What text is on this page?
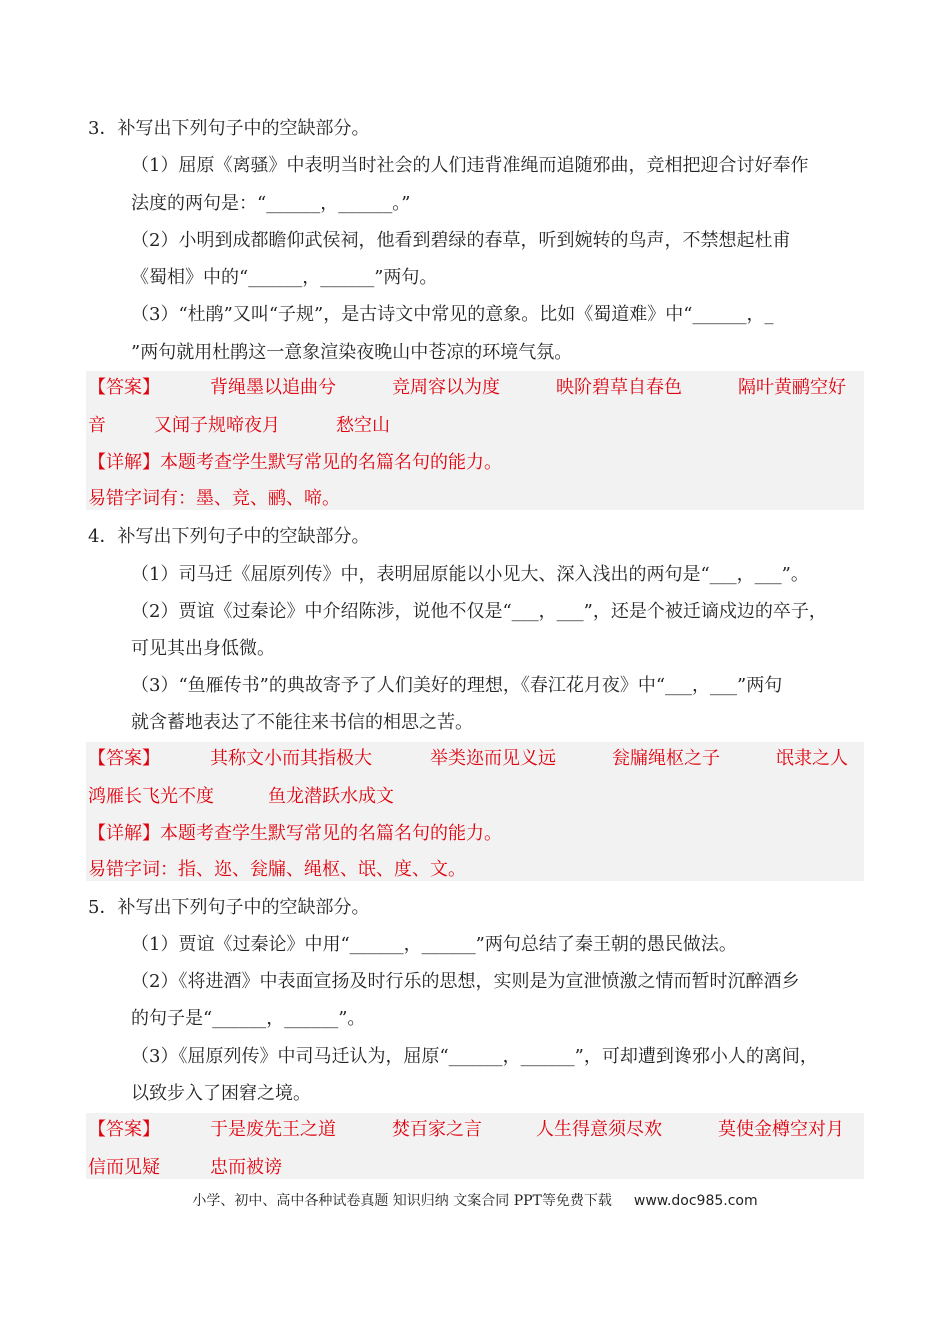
3．补写出下列句子中的空缺部分。
（1）屈原《离骚》中表明当时社会的人们违背准绳而追随邪曲，竞相把迎合讨好奉作
法度的两句是：“______，______。”
（2）小明到成都瞻仰武侯祠，他看到碧绿的春草，听到婉转的鸟声，不禁想起杜甫
《蜀相》中的“______，______”两句。
（3）“杜鹃”又叫“子规”，是古诗文中常见的意象。比如《蜀道难》中“______，_
”两句就用杜鹃这一意象渲染夜晚山中苍凉的环境气氛。
【答案】	背绳墨以追曲兮	竞周容以为度	映阶碧草自春色	隔叶黄鹂空好
音	又闻子规啼夜月	愁空山
【详解】本题考查学生默写常见的名篇名句的能力。
易错字词有：墨、竞、鹂、啼。
4．补写出下列句子中的空缺部分。
（1）司马迁《屈原列传》中，表明屈原能以小见大、深入浅出的两句是“___，___”。
（2）贾谊《过秦论》中介绍陈涉，说他不仅是“___，___”，还是个被迁谪戍边的卒子，
可见其出身低微。
（3）“鱼雁传书”的典故寄予了人们美好的理想，《春江花月夜》中“___，___”两句
就含蓄地表达了不能往来书信的相思之苦。
【答案】	其称文小而其指极大	举类迩而见义远	瓮牖绳枢之子	氓隶之人
鸿雁长飞光不度	鱼龙潜跃水成文
【详解】本题考查学生默写常见的名篇名句的能力。
易错字词：指、迩、瓮牖、绳枢、氓、度、文。
5．补写出下列句子中的空缺部分。
（1）贾谊《过秦论》中用“______，______”两句总结了秦王朝的愚民做法。
（2）《将进酒》中表面宣扬及时行乐的思想，实则是为宣泄愤激之情而暂时沉醉酒乡
的句子是“______，______”。
（3）《屈原列传》中司马迁认为，屈原“______，______”，可却遭到谗邪小人的离间，
以致步入了困窘之境。
【答案】	于是废先王之道	焚百家之言	人生得意须尽欢	莫使金樽空对月
信而见疑	忠而被谤
小学、初中、高中各种试卷真题 知识归纳 文案合同 PPT等免费下载 www.doc985.com
